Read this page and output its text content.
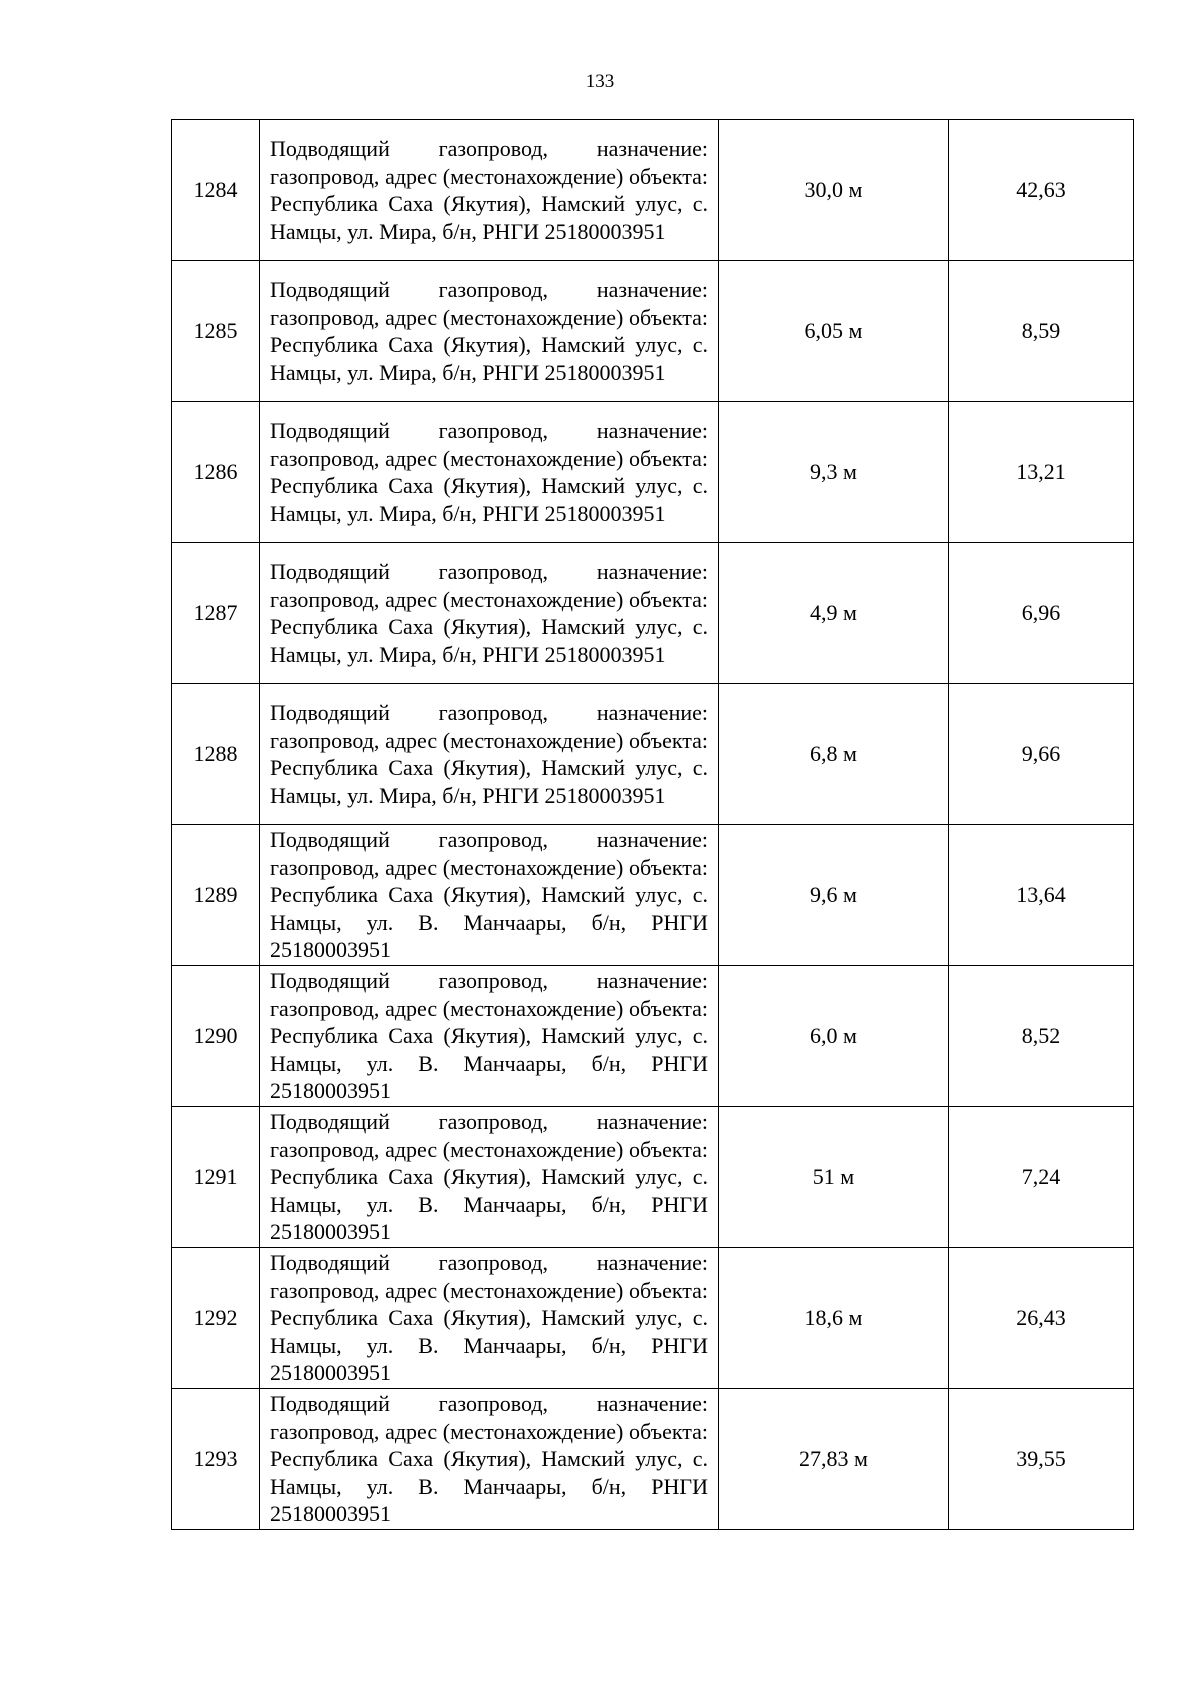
133
1284	Подводящий газопровод, назначение: газопровод, адрес (местонахождение) объекта: Республика Саха (Якутия), Намский улус, с. Намцы, ул. Мира, б/н, РНГИ 25180003951	30,0 м	42,63
1285	Подводящий газопровод, назначение: газопровод, адрес (местонахождение) объекта: Республика Саха (Якутия), Намский улус, с. Намцы, ул. Мира, б/н, РНГИ 25180003951	6,05 м	8,59
1286	Подводящий газопровод, назначение: газопровод, адрес (местонахождение) объекта: Республика Саха (Якутия), Намский улус, с. Намцы, ул. Мира, б/н, РНГИ 25180003951	9,3 м	13,21
1287	Подводящий газопровод, назначение: газопровод, адрес (местонахождение) объекта: Республика Саха (Якутия), Намский улус, с. Намцы, ул. Мира, б/н, РНГИ 25180003951	4,9 м	6,96
1288	Подводящий газопровод, назначение: газопровод, адрес (местонахождение) объекта: Республика Саха (Якутия), Намский улус, с. Намцы, ул. Мира, б/н, РНГИ 25180003951	6,8 м	9,66
1289	Подводящий газопровод, назначение: газопровод, адрес (местонахождение) объекта: Республика Саха (Якутия), Намский улус, с. Намцы, ул. В. Манчаары, б/н, РНГИ 25180003951	9,6 м	13,64
1290	Подводящий газопровод, назначение: газопровод, адрес (местонахождение) объекта: Республика Саха (Якутия), Намский улус, с. Намцы, ул. В. Манчаары, б/н, РНГИ 25180003951	6,0 м	8,52
1291	Подводящий газопровод, назначение: газопровод, адрес (местонахождение) объекта: Республика Саха (Якутия), Намский улус, с. Намцы, ул. В. Манчаары, б/н, РНГИ 25180003951	51 м	7,24
1292	Подводящий газопровод, назначение: газопровод, адрес (местонахождение) объекта: Республика Саха (Якутия), Намский улус, с. Намцы, ул. В. Манчаары, б/н, РНГИ 25180003951	18,6 м	26,43
1293	Подводящий газопровод, назначение: газопровод, адрес (местонахождение) объекта: Республика Саха (Якутия), Намский улус, с. Намцы, ул. В. Манчаары, б/н, РНГИ 25180003951	27,83 м	39,55
